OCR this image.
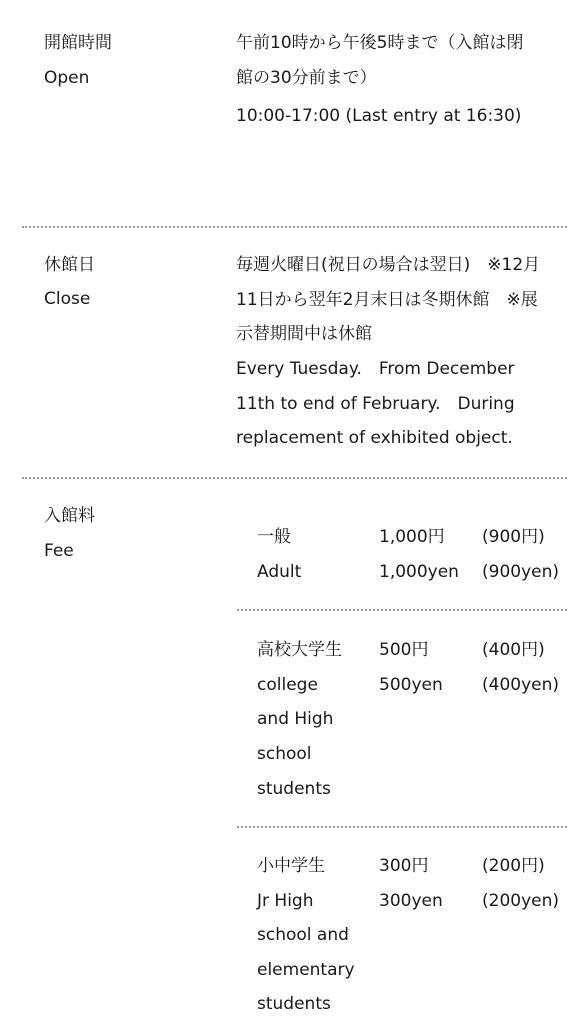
開館時間
Open
午前10時から午後5時まで（入館は閉
館の30分前まで）
10:00-17:00 (Last entry at 16:30)
休館日
Close
毎週火曜日(祝日の場合は翌日)　※12月
11日から翌年2月末日は冬期休館　※展
示替期間中は休館
Every Tuesday.　From December
11th to end of February.　During
replacement of exhibited object.
入館料
Fee
一般
Adult
1,000円
1,000yen
(900円)
(900yen)
高校大学生
college
and High
school
students
500円
500yen
(400円)
(400yen)
小中学生
Jr High
school and
elementary
students
300円
300yen
(200円)
(200yen)
